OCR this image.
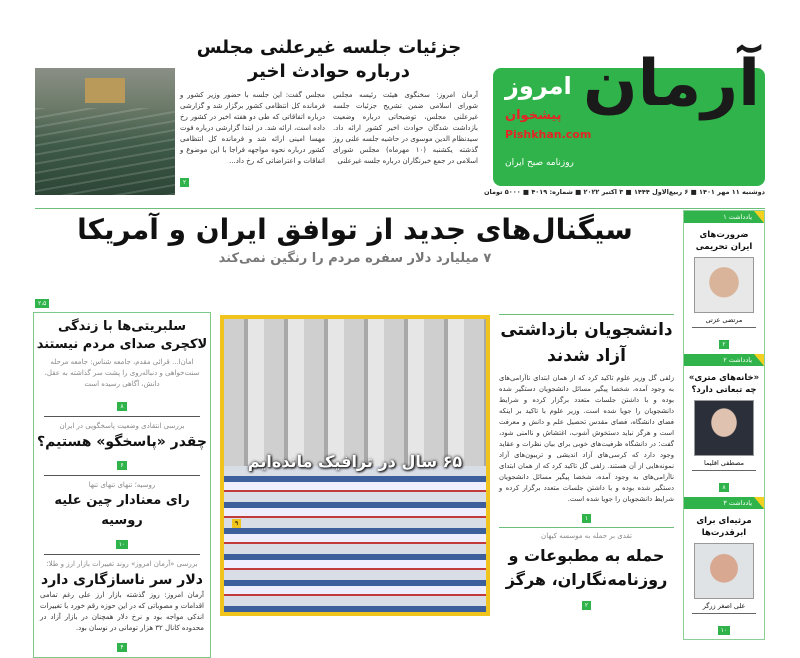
جزئیات جلسه غیرعلنی مجلس
درباره حوادث اخیر
آرمان امروز: سخنگوی هیئت رئیسه مجلس شورای اسلامی ضمن تشریح جزئیات جلسه غیرعلنی مجلس، توضیحاتی درباره وضعیت بازداشت شدگان حوادث اخیر کشور ارائه داد. سیدنظام الدین موسوی در حاشیه جلسه علنی روز گذشته یکشنبه (۱۰ مهرماه) مجلس شورای اسلامی در جمع خبرنگاران درباره جلسه غیرعلنی
مجلس گفت: این جلسه با حضور وزیر کشور و فرمانده کل انتظامی کشور برگزار شد و گزارشی درباره اتفاقاتی که طی دو هفته اخیر در کشور رخ داده است، ارائه شد. در ابتدا گزارشی درباره فوت مهسا امینی ارائه شد و فرمانده کل انتظامی کشور درباره نحوه مواجهه فراجا با این موضوع و اتفاقات و اعتراضاتی که رخ داد...
۲
آرمان
امروز
پیشخوان
Pishkhan.com
روزنامه صبح ایران
دوشنبه ۱۱ مهر ۱۴۰۱ ■ ۶ ربیع‌الاول ۱۴۴۴ ■ ۳ اکتبر ۲۰۲۲ ■ شماره: ۴۰۱۹ ■ ۵۰۰۰ تومان
سیگنال‌های جدید از توافق ایران و آمریکا
۷ میلیارد دلار سفره مردم را رنگین نمی‌کند
۲،۵
یادداشت ۱
ضرورت‌های ایران تحریمی
مرتضی عزتی
۲
یادداشت ۲
«خانه‌های متری» چه تبعاتی دارد؟
مصطفی اقلیما
۸
یادداشت ۳
مرثیه‌ای برای ابرقدرت‌ها
علی اصغر زرگر
۱۰
سلبریتی‌ها با زندگی لاکچری صدای مردم نیستند
امان‌ا... قرائی مقدم، جامعه شناس: جامعه مرحله سنت‌خواهی و دنباله‌روی را پشت سر گذاشته به عقل، دانش، آگاهی رسیده است
۸
بررسی انتقادی وضعیت پاسخگویی در ایران
چقدر «پاسخگو» هستیم؟
۶
روسیه؛ تنهای تنهای تنها
رای معنادار چین علیه روسیه
۱۰
بررسی «آرمان امروز» روند تغییرات بازار ارز و طلا؛
دلار سر ناسازگاری دارد
آرمان امروز: روز گذشته بازار ارز علی رغم تمامی اقدامات و مصوباتی که در این حوزه رقم خورد با تغییرات اندکی مواجه بود و نرخ دلار همچنان در بازار آزاد در محدوده کانال ۳۲ هزار تومانی در نوسان بود.
۴
۶۵ سال در ترافیک مانده‌ایم
۹
دانشجویان بازداشتی آزاد شدند
زلفی گل وزیر علوم تاکید کرد که از همان ابتدای ناآرامی‌های به وجود آمده، شخصا پیگیر مسائل دانشجویان دستگیر شده بوده و با داشتن جلسات متعدد برگزار کرده و شرایط دانشجویان را جویا شده است. وزیر علوم با تاکید بر اینکه فضای دانشگاه، فضای مقدس تحصیل علم و دانش و معرفت است و هرگز نباید دستخوش آشوب، اغتشاش و ناامنی شود، گفت: در دانشگاه ظرفیت‌های خوبی برای بیان نظرات و عقاید وجود دارد که کرسی‌های آزاد اندیشی و تریبون‌های آزاد نمونه‌هایی از آن هستند. زلفی گل تاکید کرد که از همان ابتدای ناآرامی‌های به وجود آمده، شخصا پیگیر مسائل دانشجویان دستگیر شده بوده و با داشتن جلسات متعدد برگزار کرده و شرایط دانشجویان را جویا شده است.
۱
تقدی بر حمله به موسسه کیهان
حمله به مطبوعات و روزنامه‌نگاران، هرگز
۲
